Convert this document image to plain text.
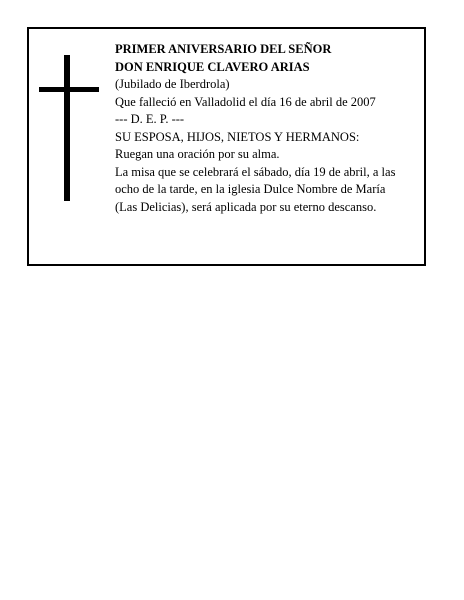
PRIMER ANIVERSARIO DEL SEÑOR
DON ENRIQUE CLAVERO ARIAS
(Jubilado de Iberdrola)
Que falleció en Valladolid el día 16 de abril de 2007
--- D. E. P. ---
SU ESPOSA, HIJOS, NIETOS Y HERMANOS:
Ruegan una oración por su alma.
La misa que se celebrará el sábado, día 19 de abril, a las
ocho de la tarde, en la iglesia Dulce Nombre de María
(Las Delicias), será aplicada por su eterno descanso.
